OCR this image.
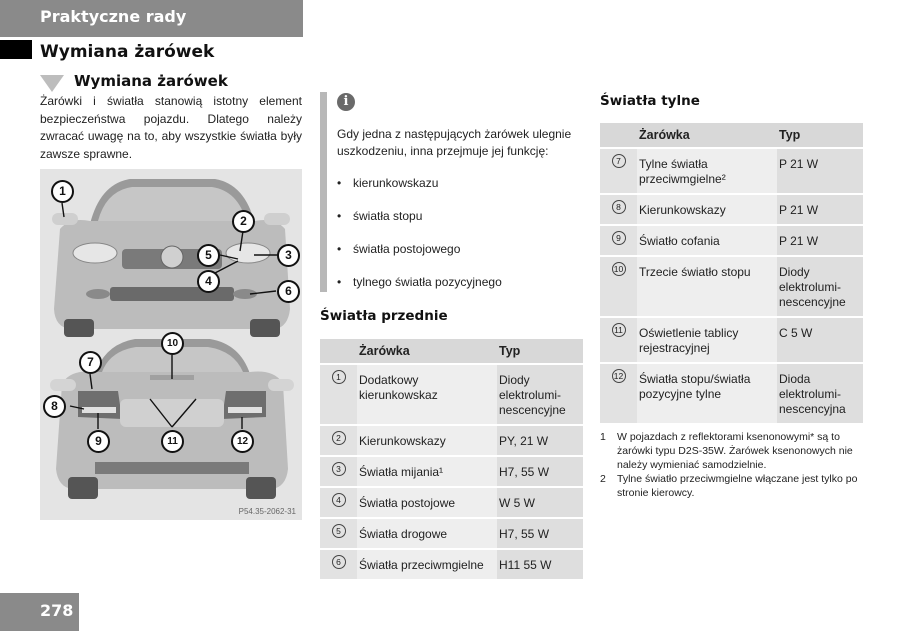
Praktyczne rady
Wymiana żarówek
Wymiana żarówek
Żarówki i światła stanowią istotny element bezpieczeństwa pojazdu. Dlatego należy zwracać uwagę na to, aby wszystkie światła były zawsze sprawne.
1
2
3
4
5
6
7
8
9
10
11	12
P54.35-2062-31
i
Gdy jedna z następujących żarówek ulegnie uszkodzeniu, inna przejmuje jej funkcję:
• kierunkowskazu
• światła stopu
• światła postojowego
• tylnego światła pozycyjnego
Światła przednie
	Żarówka	Typ
1	Dodatkowy kierunkowskaz	Diody elektrolumi-nescencyjne

2	Kierunkowskazy	PY, 21 W

3	Światła mijania¹	H7, 55 W

4	Światła postojowe	W 5 W

5	Światła drogowe	H7, 55 W

6	Światła przeciwmgielne	H11 55 W
Światła tylne
	Żarówka	Typ
7	Tylne światła przeciwmgielne²	P 21 W

8	Kierunkowskazy	P 21 W

9	Światło cofania	P 21 W

10	Trzecie światło stopu	Diody elektrolumi-nescencyjne

11	Oświetlenie tablicy rejestracyjnej	C 5 W

12	Światła stopu/światła pozycyjne tylne	Dioda elektrolumi-nescencyjna
1	W pojazdach z reflektorami ksenonowymi* są to żarówki typu D2S-35W. Żarówek ksenonowych nie należy wymieniać samodzielnie.
2	Tylne światło przeciwmgielne włączane jest tylko po stronie kierowcy.
278
